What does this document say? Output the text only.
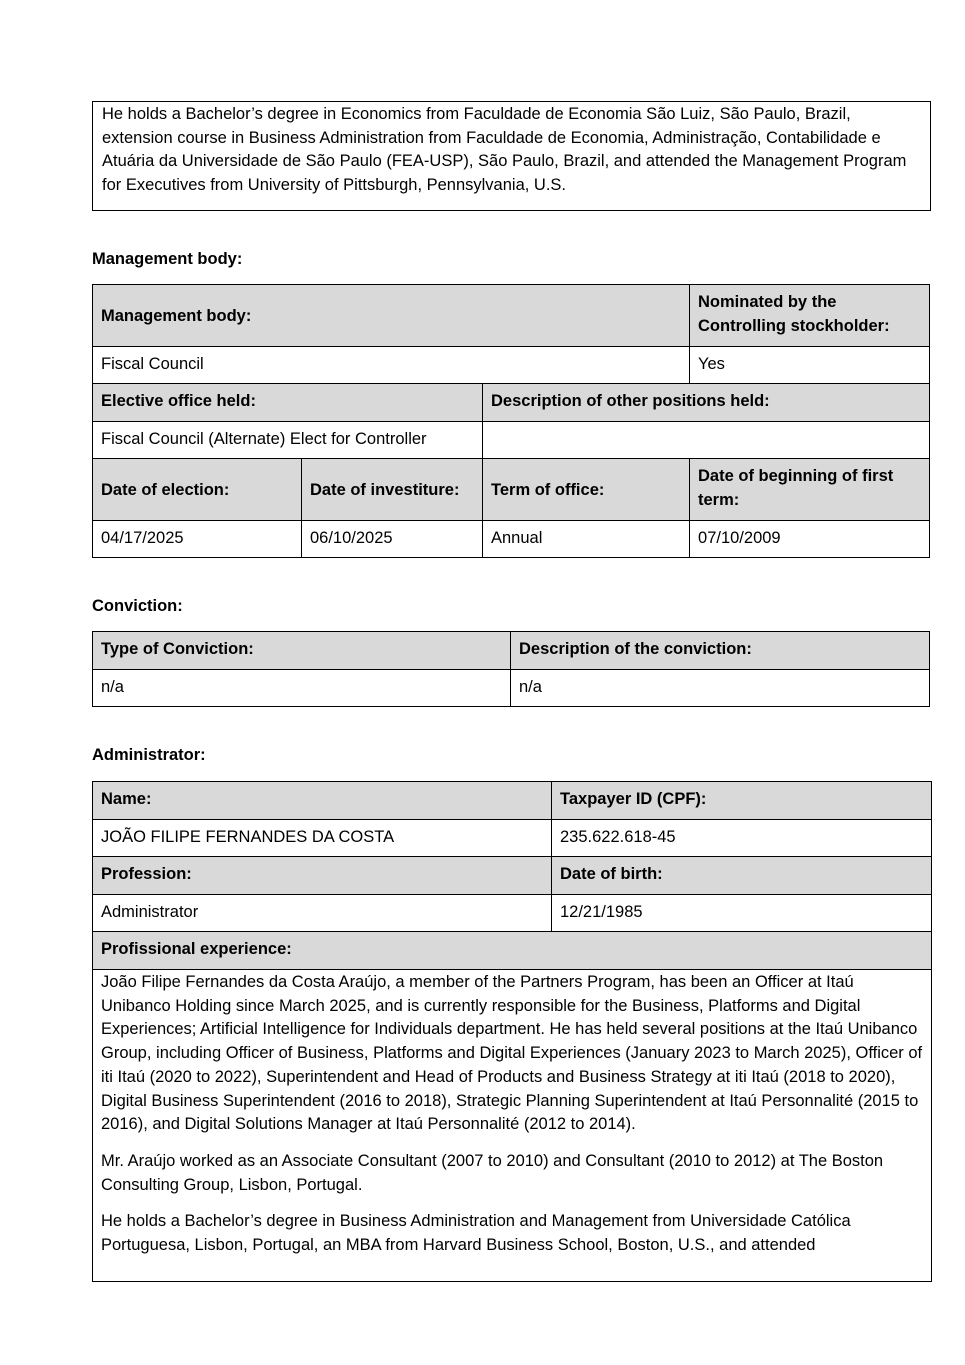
He holds a Bachelor’s degree in Economics from Faculdade de Economia São Luiz, São Paulo, Brazil, extension course in Business Administration from Faculdade de Economia, Administração, Contabilidade e Atuária da Universidade de São Paulo (FEA-USP), São Paulo, Brazil, and attended the Management Program for Executives from University of Pittsburgh, Pennsylvania, U.S.

Management body:
Management body:			Nominated by the Controlling stockholder:
Fiscal Council			Yes
Elective office held:		Description of other positions held:	
Fiscal Council (Alternate) Elect for Controller			
Date of election:	Date of investiture:	Term of office:	Date of beginning of first term:
04/17/2025	06/10/2025	Annual	07/10/2009
Conviction:
Type of Conviction:	Description of the conviction:
n/a	n/a
Administrator:
Name:	Taxpayer ID (CPF):
JOÃO FILIPE FERNANDES DA COSTA	235.622.618-45
Profession:	Date of birth:
Administrator	12/21/1985
Profissional experience:	

João Filipe Fernandes da Costa Araújo, a member of the Partners Program, has been an Officer at Itaú Unibanco Holding since March 2025, and is currently responsible for the Business, Platforms and Digital Experiences; Artificial Intelligence for Individuals department. He has held several positions at the Itaú Unibanco Group, including Officer of Business, Platforms and Digital Experiences (January 2023 to March 2025), Officer of iti Itaú (2020 to 2022), Superintendent and Head of Products and Business Strategy at iti Itaú (2018 to 2020), Digital Business Superintendent (2016 to 2018), Strategic Planning Superintendent at Itaú Personnalité (2015 to 2016), and Digital Solutions Manager at Itaú Personnalité (2012 to 2014).

Mr. Araújo worked as an Associate Consultant (2007 to 2010) and Consultant (2010 to 2012) at The Boston Consulting Group, Lisbon, Portugal.

He holds a Bachelor’s degree in Business Administration and Management from Universidade Católica Portuguesa, Lisbon, Portugal, an MBA from Harvard Business School, Boston, U.S., and attended	
